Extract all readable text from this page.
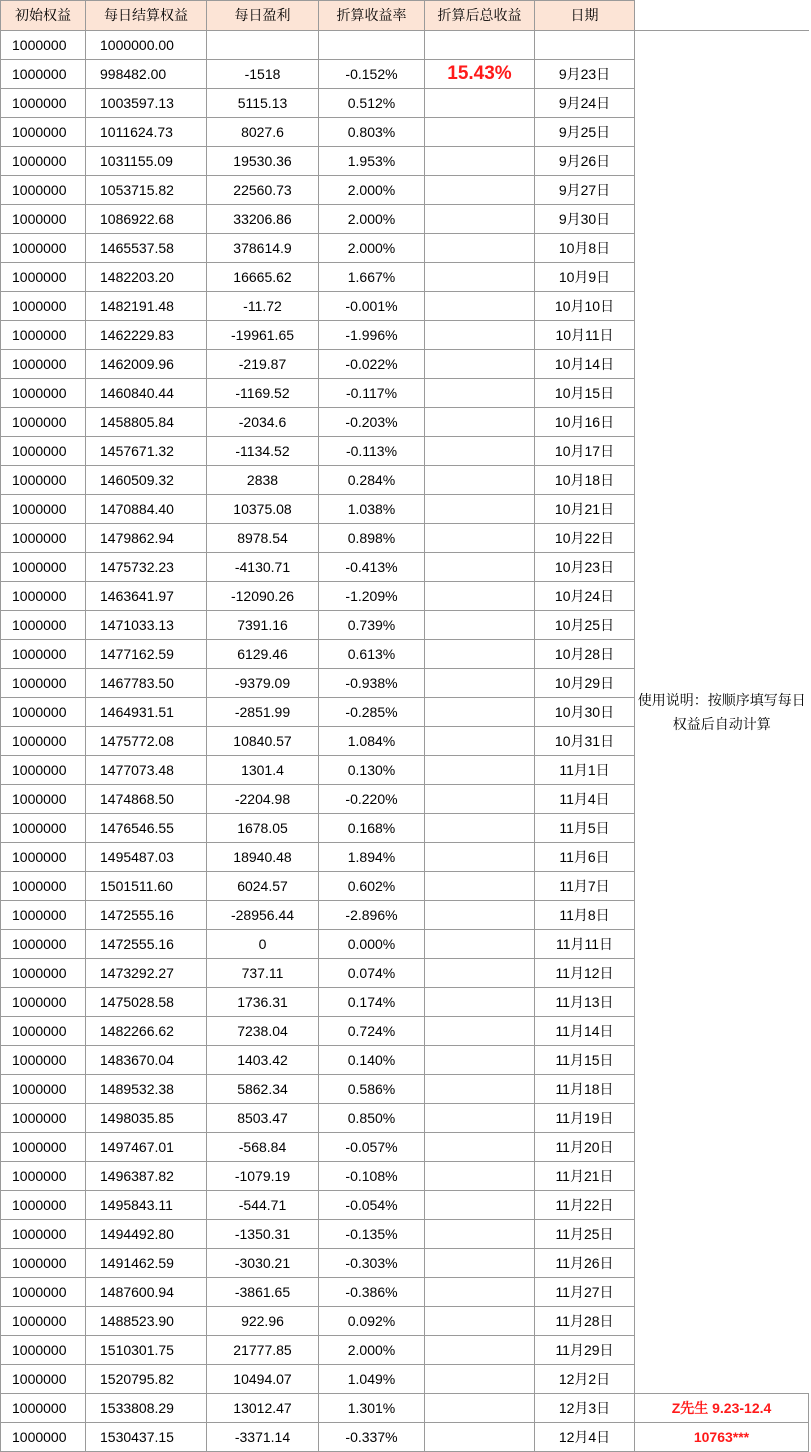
初始权益	每日结算权益	每日盈利	折算收益率	折算后总收益	日期	
1000000	1000000.00					使用说明：按顺序填写每日权益后自动计算
1000000	998482.00	-1518	-0.152%	15.43%	9月23日	
1000000	1003597.13	5115.13	0.512%		9月24日	
1000000	1011624.73	8027.6	0.803%		9月25日	
1000000	1031155.09	19530.36	1.953%		9月26日	
1000000	1053715.82	22560.73	2.000%		9月27日	
1000000	1086922.68	33206.86	2.000%		9月30日	
1000000	1465537.58	378614.9	2.000%		10月8日	
1000000	1482203.20	16665.62	1.667%		10月9日	
1000000	1482191.48	-11.72	-0.001%		10月10日	
1000000	1462229.83	-19961.65	-1.996%		10月11日	
1000000	1462009.96	-219.87	-0.022%		10月14日	
1000000	1460840.44	-1169.52	-0.117%		10月15日	
1000000	1458805.84	-2034.6	-0.203%		10月16日	
1000000	1457671.32	-1134.52	-0.113%		10月17日	
1000000	1460509.32	2838	0.284%		10月18日	
1000000	1470884.40	10375.08	1.038%		10月21日	
1000000	1479862.94	8978.54	0.898%		10月22日	
1000000	1475732.23	-4130.71	-0.413%		10月23日	
1000000	1463641.97	-12090.26	-1.209%		10月24日	
1000000	1471033.13	7391.16	0.739%		10月25日	
1000000	1477162.59	6129.46	0.613%		10月28日	
1000000	1467783.50	-9379.09	-0.938%		10月29日	
1000000	1464931.51	-2851.99	-0.285%		10月30日	
1000000	1475772.08	10840.57	1.084%		10月31日	
1000000	1477073.48	1301.4	0.130%		11月1日	
1000000	1474868.50	-2204.98	-0.220%		11月4日	
1000000	1476546.55	1678.05	0.168%		11月5日	
1000000	1495487.03	18940.48	1.894%		11月6日	
1000000	1501511.60	6024.57	0.602%		11月7日	
1000000	1472555.16	-28956.44	-2.896%		11月8日	
1000000	1472555.16	0	0.000%		11月11日	
1000000	1473292.27	737.11	0.074%		11月12日	
1000000	1475028.58	1736.31	0.174%		11月13日	
1000000	1482266.62	7238.04	0.724%		11月14日	
1000000	1483670.04	1403.42	0.140%		11月15日	
1000000	1489532.38	5862.34	0.586%		11月18日	
1000000	1498035.85	8503.47	0.850%		11月19日	
1000000	1497467.01	-568.84	-0.057%		11月20日	
1000000	1496387.82	-1079.19	-0.108%		11月21日	
1000000	1495843.11	-544.71	-0.054%		11月22日	
1000000	1494492.80	-1350.31	-0.135%		11月25日	
1000000	1491462.59	-3030.21	-0.303%		11月26日	
1000000	1487600.94	-3861.65	-0.386%		11月27日	
1000000	1488523.90	922.96	0.092%		11月28日	
1000000	1510301.75	21777.85	2.000%		11月29日	
1000000	1520795.82	10494.07	1.049%		12月2日	
1000000	1533808.29	13012.47	1.301%		12月3日	Z先生 9.23-12.4
1000000	1530437.15	-3371.14	-0.337%		12月4日	10763***
